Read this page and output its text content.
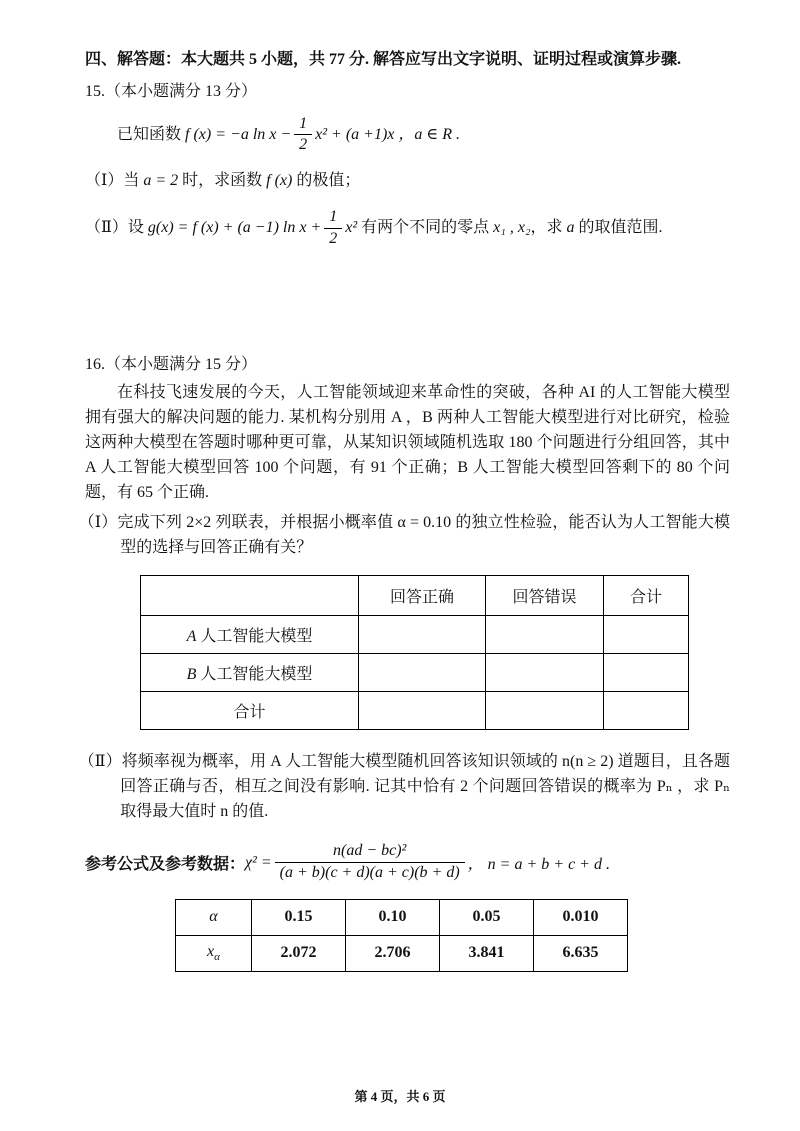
四、解答题：本大题共 5 小题，共 77 分. 解答应写出文字说明、证明过程或演算步骤.

15.（本小题满分 13 分）

已知函数 f (x) = −a $\ln x - \frac{1}{2} x^2 + (a +1)x$ ，a ∈ R .

（Ⅰ）当 a = 2 时，求函数 f (x) 的极值；

（Ⅱ）设 g(x) = f (x) + (a −1) $\ln x + \frac{1}{2} x^2$ 有两个不同的零点 x₁ , x₂，求 a 的取值范围.

16.（本小题满分 15 分）

在科技飞速发展的今天，人工智能领域迎来革命性的突破，各种 AI 的人工智能大模型拥有强大的解决问题的能力. 某机构分别用 A ，B 两种人工智能大模型进行对比研究，检验这两种大模型在答题时哪种更可靠，从某知识领域随机选取 180 个问题进行分组回答，其中 A 人工智能大模型回答 100 个问题，有 91 个正确；B 人工智能大模型回答剩下的 80 个问题，有 65 个正确.

（Ⅰ）完成下列 2×2 列联表，并根据小概率值 α = 0.10 的独立性检验，能否认为人工智能大模型的选择与回答正确有关？

	回答正确	回答错误	合计
A 人工智能大模型			
B 人工智能大模型			
合计			

（Ⅱ）将频率视为概率，用 A 人工智能大模型随机回答该知识领域的 n(n ≥ 2) 道题目，且各题回答正确与否，相互之间没有影响. 记其中恰有 2 个问题回答错误的概率为 Pₙ ，求 Pₙ 取得最大值时 n 的值.

参考公式及参考数据： $\chi^2 = \frac{\text{n(ad − bc)²}}{(a + b)(c + d)(a + c)(b + d)}$ ， n = a + b + c + d .
α	0.15	0.10	0.05	0.010
$x_\alpha$	2.072	2.706	3.841	6.635
第 4 页，共 6 页
